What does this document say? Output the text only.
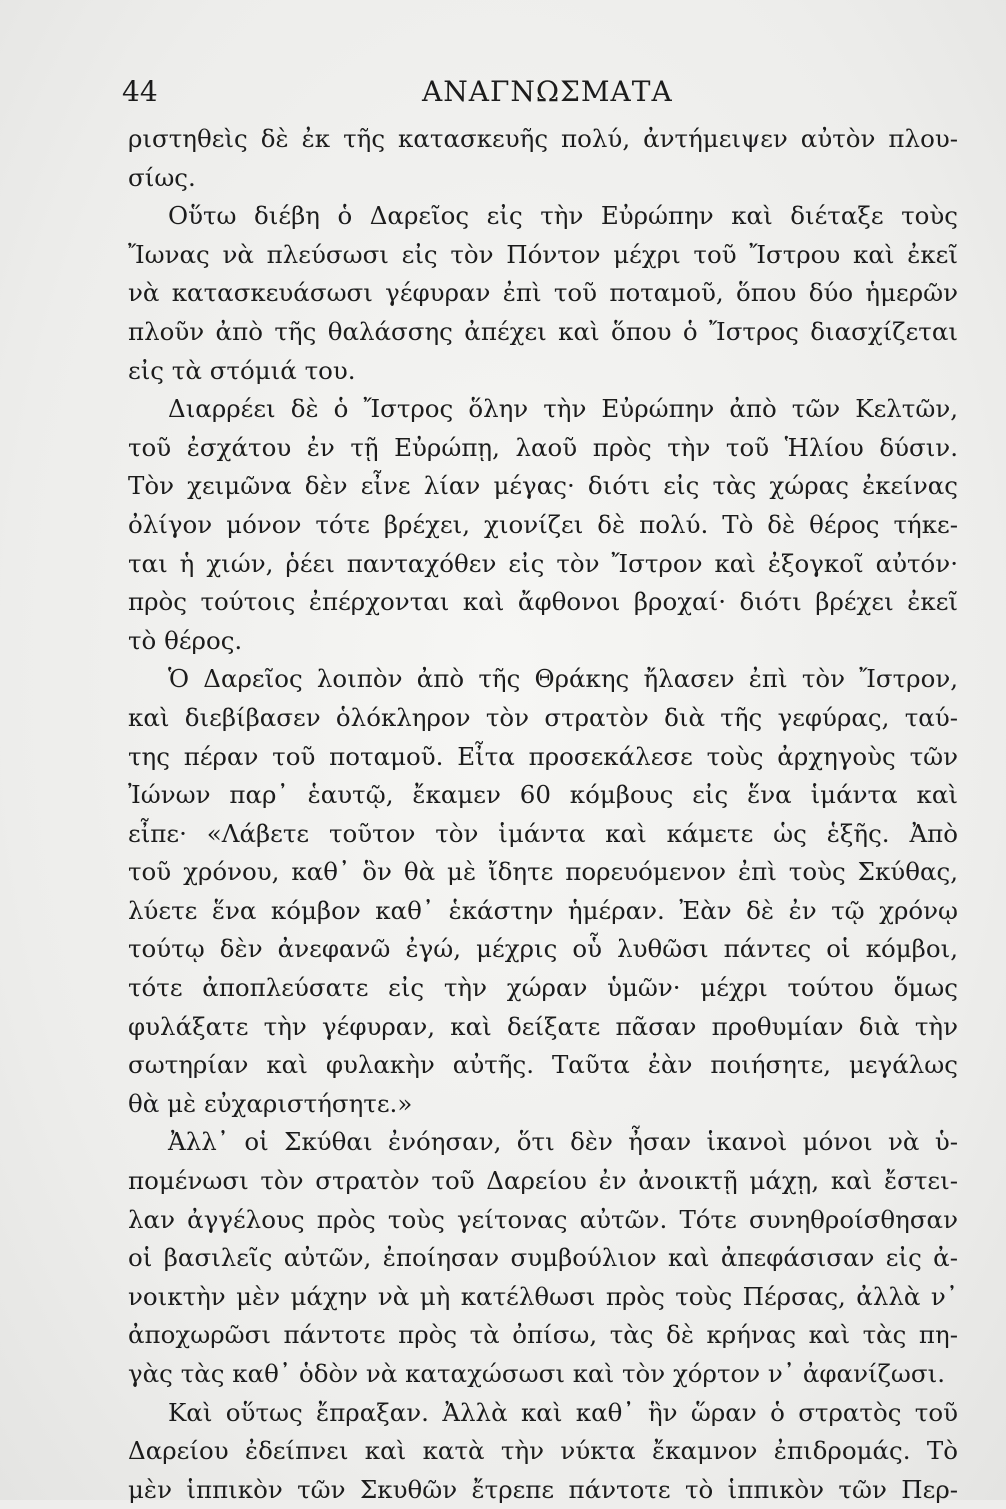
44	ΑΝΑΓΝΩΣΜΑΤΑ
ριστηθεὶς δὲ ἐκ τῆς κατασκευῆς πολύ, ἀντήμειψεν αὐτὸν πλου-
σίως.
Οὕτω διέβη ὁ Δαρεῖος εἰς τὴν Εὐρώπην καὶ διέταξε τοὺς
Ἴωνας νὰ πλεύσωσι εἰς τὸν Πόντον μέχρι τοῦ Ἴστρου καὶ ἐκεῖ
νὰ κατασκευάσωσι γέφυραν ἐπὶ τοῦ ποταμοῦ, ὅπου δύο ἡμερῶν
πλοῦν ἀπὸ τῆς θαλάσσης ἀπέχει καὶ ὅπου ὁ Ἴστρος διασχίζεται
εἰς τὰ στόμιά του.
Διαρρέει δὲ ὁ Ἴστρος ὅλην τὴν Εὐρώπην ἀπὸ τῶν Κελτῶν,
τοῦ ἐσχάτου ἐν τῇ Εὐρώπῃ, λαοῦ πρὸς τὴν τοῦ Ἡλίου δύσιν.
Τὸν χειμῶνα δὲν εἶνε λίαν μέγας· διότι εἰς τὰς χώρας ἐκείνας
ὀλίγον μόνον τότε βρέχει, χιονίζει δὲ πολύ. Τὸ δὲ θέρος τήκε-
ται ἡ χιών, ῥέει πανταχόθεν εἰς τὸν Ἴστρον καὶ ἐξογκοῖ αὐτόν·
πρὸς τούτοις ἐπέρχονται καὶ ἄφθονοι βροχαί· διότι βρέχει ἐκεῖ
τὸ θέρος.
Ὁ Δαρεῖος λοιπὸν ἀπὸ τῆς Θράκης ἤλασεν ἐπὶ τὸν Ἴστρον,
καὶ διεβίβασεν ὁλόκληρον τὸν στρατὸν διὰ τῆς γεφύρας, ταύ-
της πέραν τοῦ ποταμοῦ. Εἶτα προσεκάλεσε τοὺς ἀρχηγοὺς τῶν
Ἰώνων παρ᾽ ἑαυτῷ, ἔκαμεν 60 κόμβους εἰς ἕνα ἱμάντα καὶ
εἶπε· «Λάβετε τοῦτον τὸν ἱμάντα καὶ κάμετε ὡς ἑξῆς. Ἀπὸ
τοῦ χρόνου, καθ᾽ ὃν θὰ μὲ ἴδητε πορευόμενον ἐπὶ τοὺς Σκύθας,
λύετε ἕνα κόμβον καθ᾽ ἑκάστην ἡμέραν. Ἐὰν δὲ ἐν τῷ χρόνῳ
τούτῳ δὲν ἀνεφανῶ ἐγώ, μέχρις οὗ λυθῶσι πάντες οἱ κόμβοι,
τότε ἀποπλεύσατε εἰς τὴν χώραν ὑμῶν· μέχρι τούτου ὅμως
φυλάξατε τὴν γέφυραν, καὶ δείξατε πᾶσαν προθυμίαν διὰ τὴν
σωτηρίαν καὶ φυλακὴν αὐτῆς. Ταῦτα ἐὰν ποιήσητε, μεγάλως
θὰ μὲ εὐχαριστήσητε.»
Ἀλλ᾽ οἱ Σκύθαι ἐνόησαν, ὅτι δὲν ἦσαν ἱκανοὶ μόνοι νὰ ὑ-
πομένωσι τὸν στρατὸν τοῦ Δαρείου ἐν ἀνοικτῇ μάχῃ, καὶ ἔστει-
λαν ἀγγέλους πρὸς τοὺς γείτονας αὐτῶν. Τότε συνηθροίσθησαν
οἱ βασιλεῖς αὐτῶν, ἐποίησαν συμβούλιον καὶ ἀπεφάσισαν εἰς ἀ-
νοικτὴν μὲν μάχην νὰ μὴ κατέλθωσι πρὸς τοὺς Πέρσας, ἀλλὰ ν᾽
ἀποχωρῶσι πάντοτε πρὸς τὰ ὀπίσω, τὰς δὲ κρήνας καὶ τὰς πη-
γὰς τὰς καθ᾽ ὁδὸν νὰ καταχώσωσι καὶ τὸν χόρτον ν᾽ ἀφανίζωσι.
Καὶ οὕτως ἔπραξαν. Ἀλλὰ καὶ καθ᾽ ἣν ὥραν ὁ στρατὸς τοῦ
Δαρείου ἐδείπνει καὶ κατὰ τὴν νύκτα ἔκαμνον ἐπιδρομάς. Τὸ
μὲν ἱππικὸν τῶν Σκυθῶν ἔτρεπε πάντοτε τὸ ἱππικὸν τῶν Περ-
